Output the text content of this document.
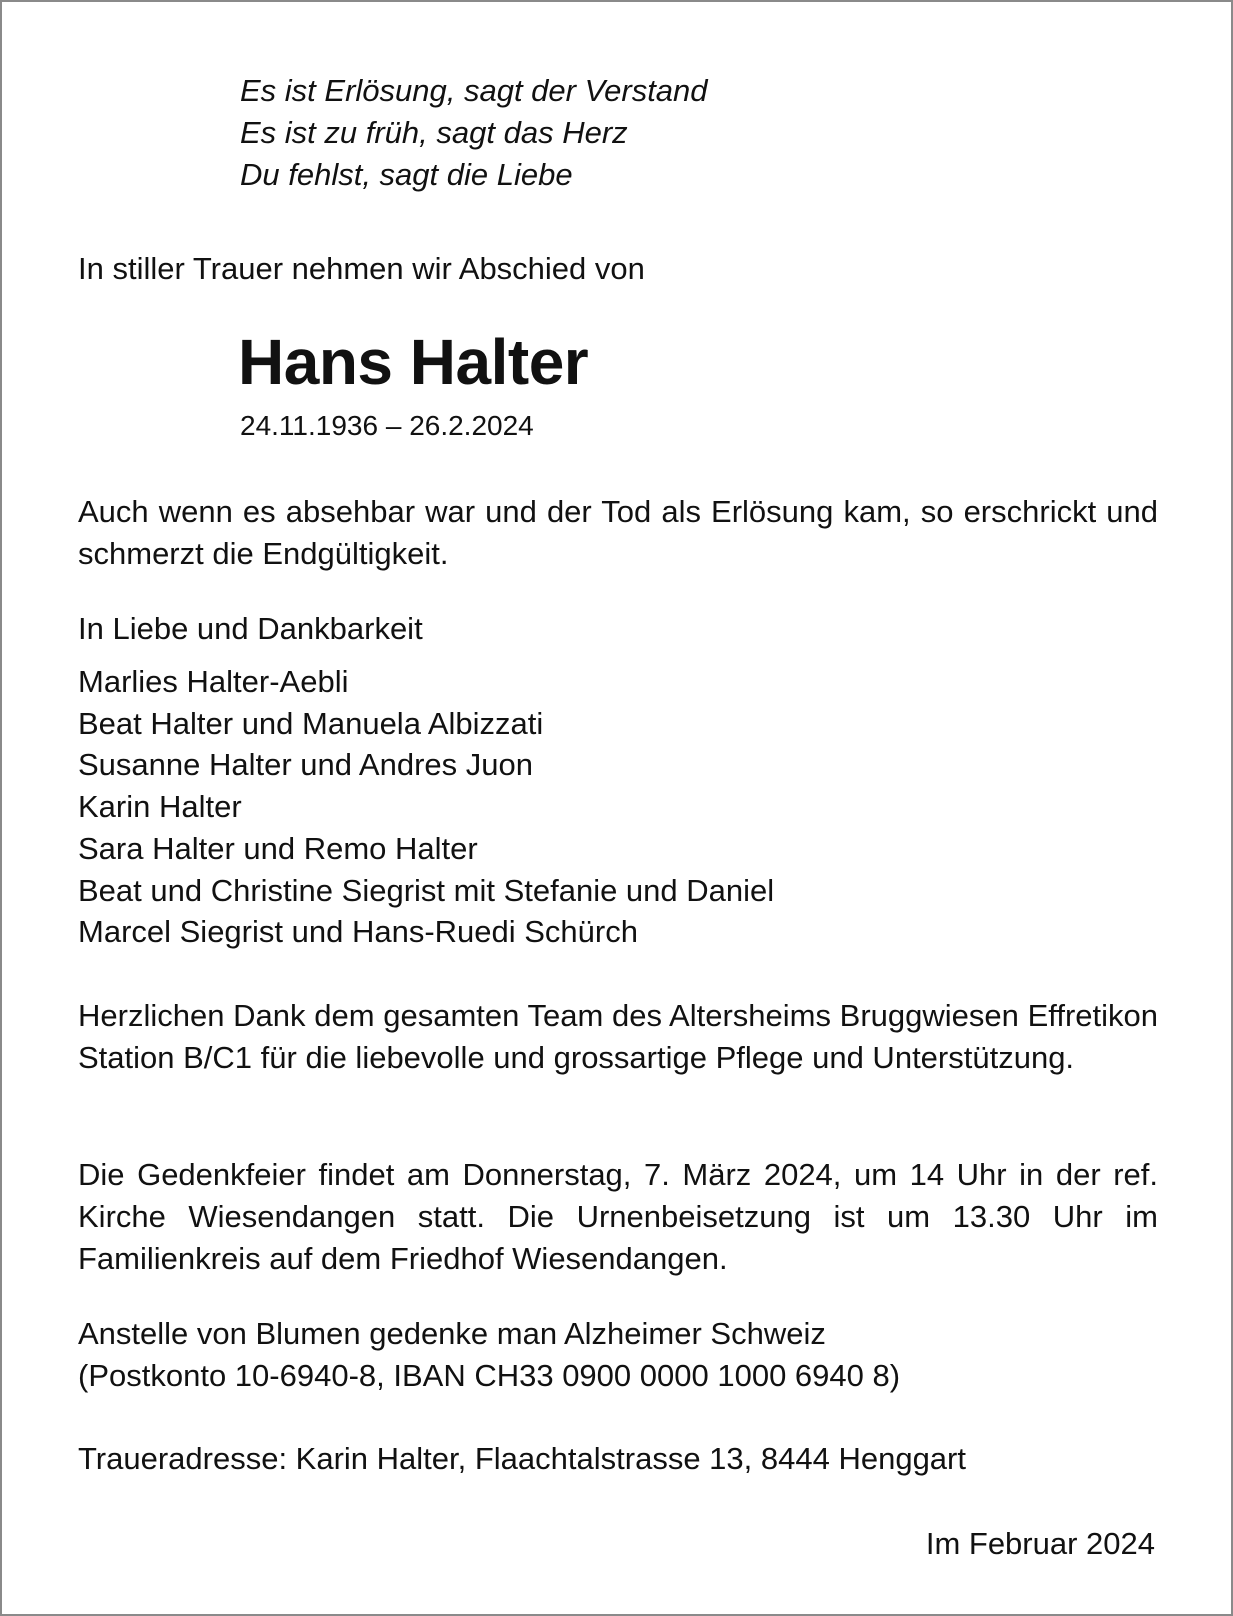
Es ist Erlösung, sagt der Verstand
Es ist zu früh, sagt das Herz
Du fehlst, sagt die Liebe
In stiller Trauer nehmen wir Abschied von
Hans Halter
24.11.1936 – 26.2.2024
Auch wenn es absehbar war und der Tod als Erlösung kam, so erschrickt und schmerzt die Endgültigkeit.
In Liebe und Dankbarkeit
Marlies Halter-Aebli
Beat Halter und Manuela Albizzati
Susanne Halter und Andres Juon
Karin Halter
Sara Halter und Remo Halter
Beat und Christine Siegrist mit Stefanie und Daniel
Marcel Siegrist und Hans-Ruedi Schürch
Herzlichen Dank dem gesamten Team des Altersheims Bruggwiesen Effretikon Station B/C1 für die liebevolle und grossartige Pflege und Unterstützung.
Die Gedenkfeier findet am Donnerstag, 7. März 2024, um 14 Uhr in der ref. Kirche Wiesendangen statt. Die Urnenbeisetzung ist um 13.30 Uhr im Familienkreis auf dem Friedhof Wiesendangen.
Anstelle von Blumen gedenke man Alzheimer Schweiz
(Postkonto 10-6940-8, IBAN CH33 0900 0000 1000 6940 8)
Traueradresse: Karin Halter, Flaachtalstrasse 13, 8444 Henggart
Im Februar 2024
